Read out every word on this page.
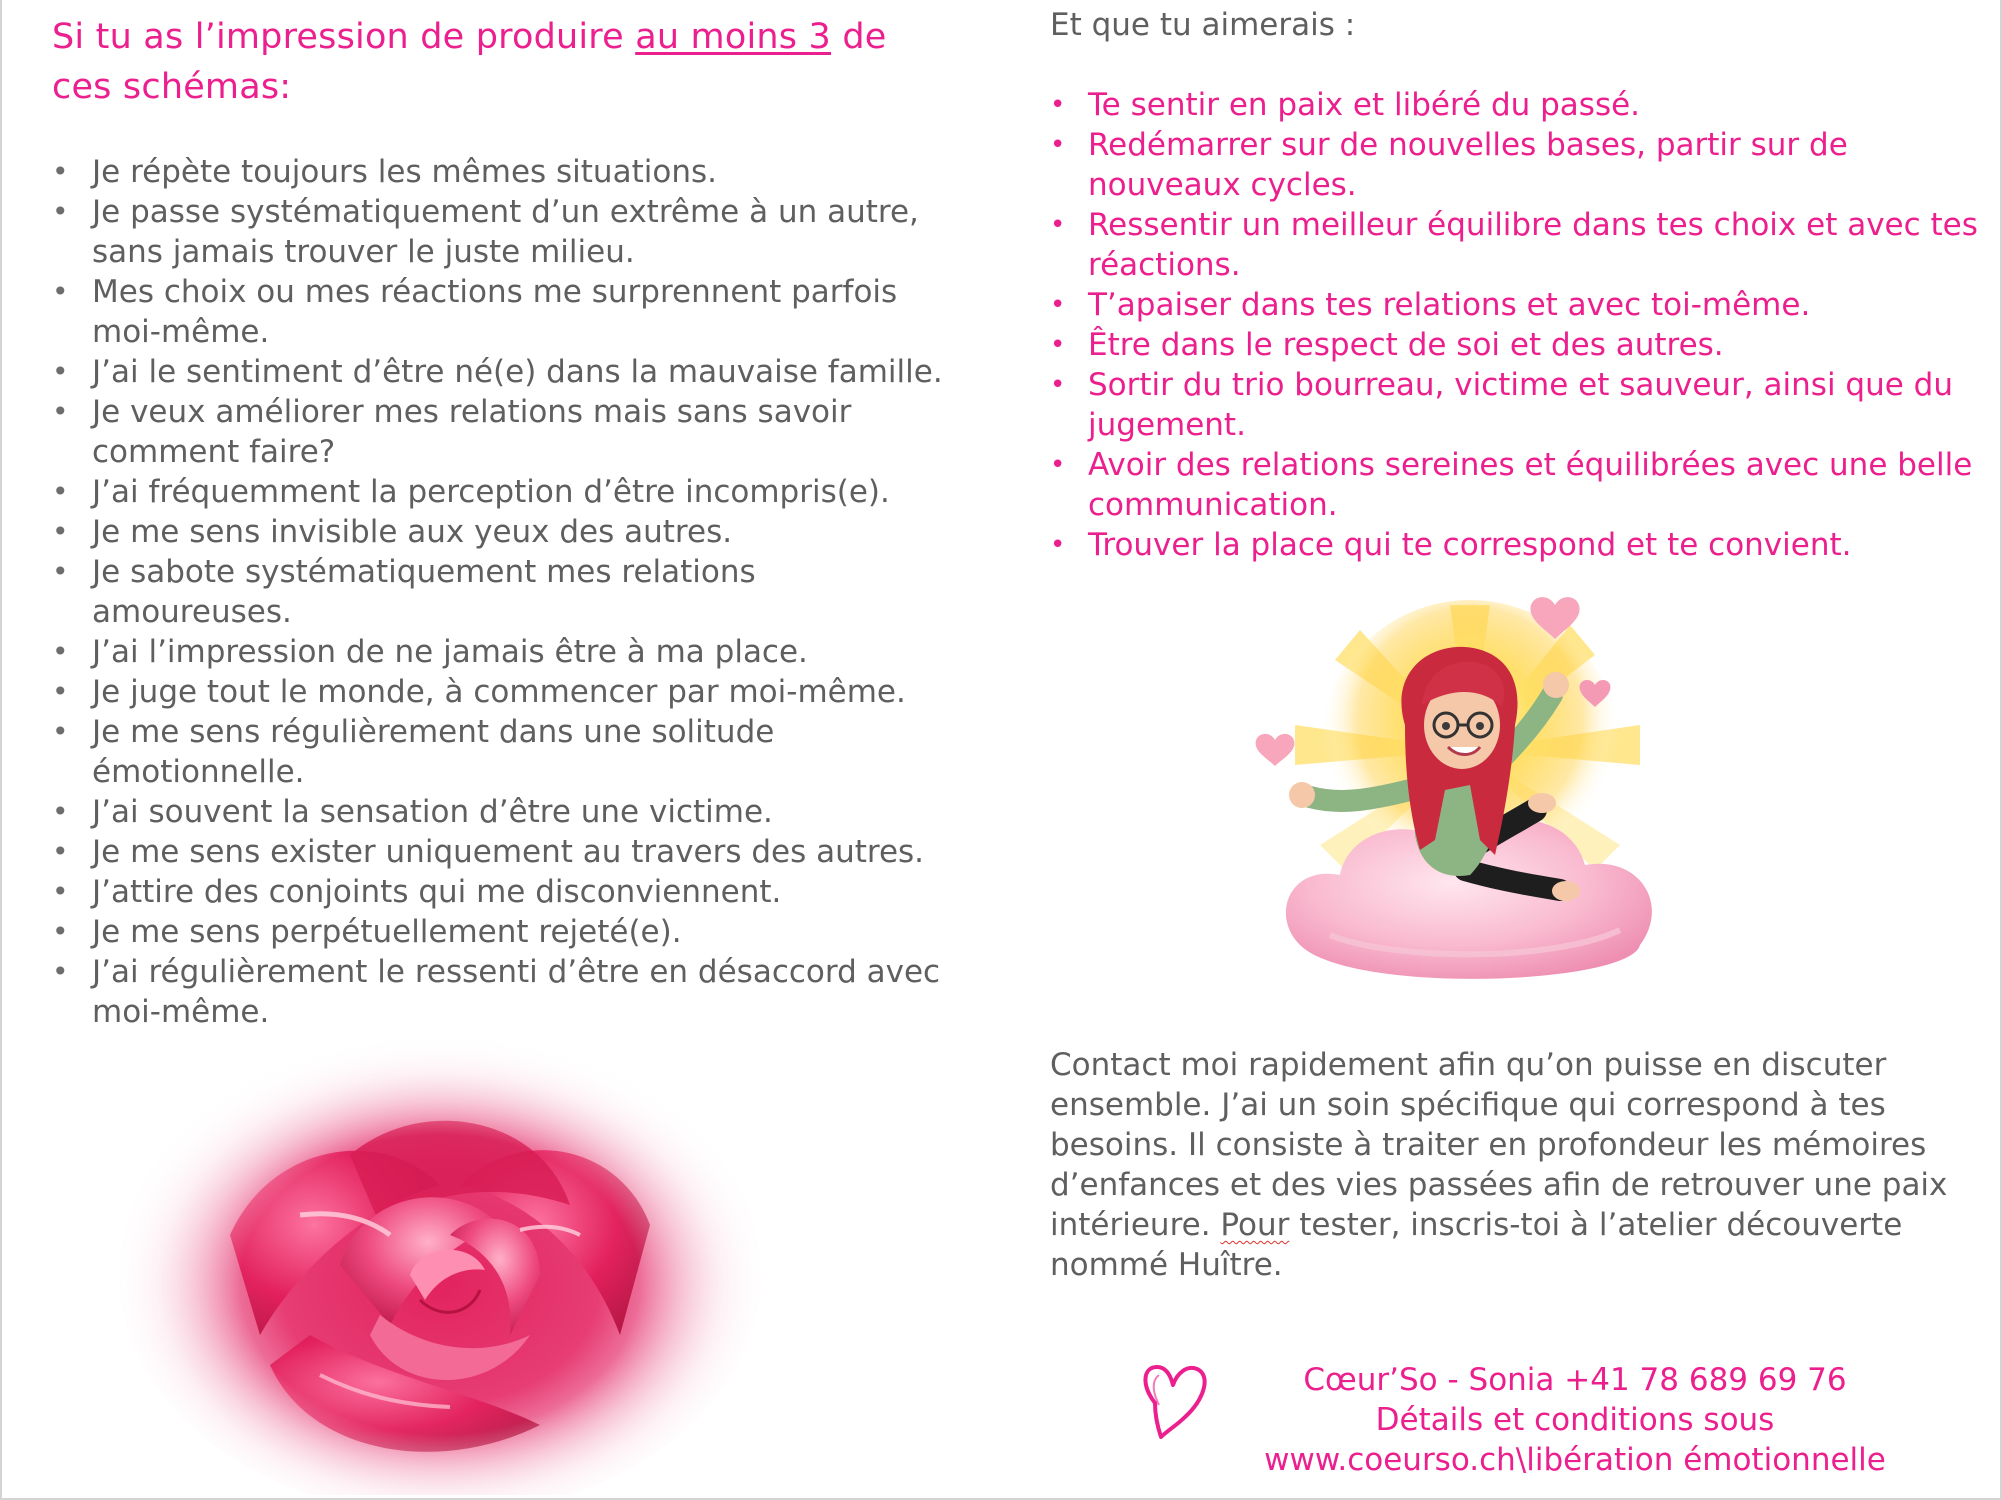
Si tu as l’impression de produire au moins 3 de ces schémas:
• Je répète toujours les mêmes situations.
• Je passe systématiquement d’un extrême à un autre, sans jamais trouver le juste milieu.
• Mes choix ou mes réactions me surprennent parfois moi-même.
• J’ai le sentiment d’être né(e) dans la mauvaise famille.
• Je veux améliorer mes relations mais sans savoir comment faire?
• J’ai fréquemment la perception d’être incompris(e).
• Je me sens invisible aux yeux des autres.
• Je sabote systématiquement mes relations amoureuses.
• J’ai l’impression de ne jamais être à ma place.
• Je juge tout le monde, à commencer par moi-même.
• Je me sens régulièrement dans une solitude émotionnelle.
• J’ai souvent la sensation d’être une victime.
• Je me sens exister uniquement au travers des autres.
• J’attire des conjoints qui me disconviennent.
• Je me sens perpétuellement rejeté(e).
• J’ai régulièrement le ressenti d’être en désaccord avec moi-même.

Et que tu aimerais :

• Te sentir en paix et libéré du passé.
• Redémarrer sur de nouvelles bases, partir sur de nouveaux cycles.
• Ressentir un meilleur équilibre dans tes choix et avec tes réactions.
• T’apaiser dans tes relations et avec toi-même.
• Être dans le respect de soi et des autres.
• Sortir du trio bourreau, victime et sauveur, ainsi que du jugement.
• Avoir des relations sereines et équilibrées avec une belle communication.
• Trouver la place qui te correspond et te convient.
Contact moi rapidement afin qu’on puisse en discuter ensemble. J’ai un soin spécifique qui correspond à tes besoins. Il consiste à traiter en profondeur les mémoires d’enfances et des vies passées afin de retrouver une paix intérieure. Pour tester, inscris-toi à l’atelier découverte nommé Huître.
Cœur’So - Sonia +41 78 689 69 76
Détails et conditions sous
www.coeurso.ch\libération émotionnelle
